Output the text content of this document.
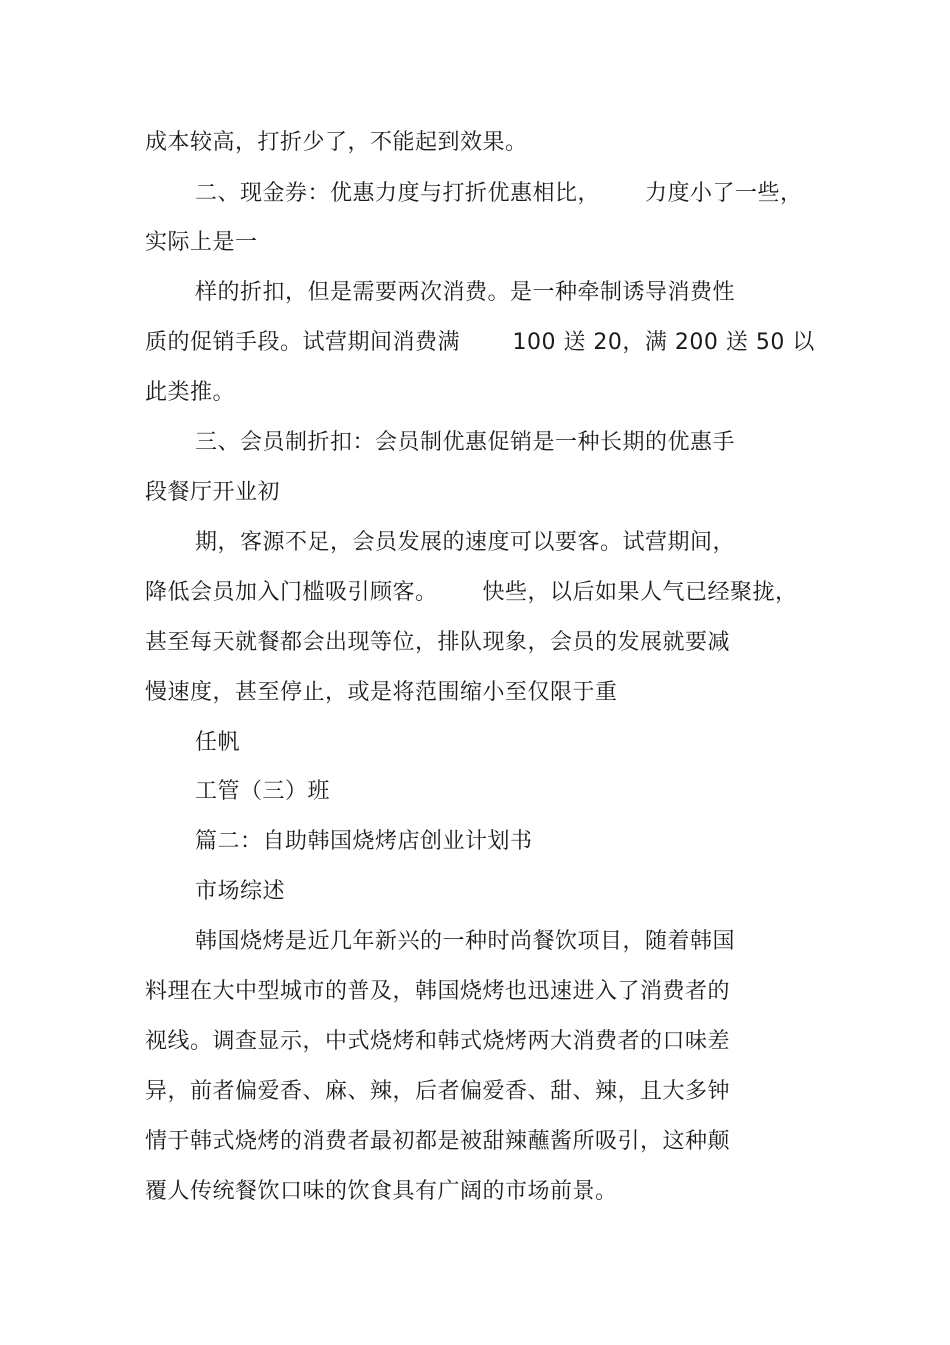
成本较高，打折少了，不能起到效果。
二、现金券：优惠力度与打折优惠相比，      力度小了一些，
实际上是一
样的折扣，但是需要两次消费。是一种牵制诱导消费性
质的促销手段。试营期间消费满       100 送 20，满 200 送 50 以
此类推。
三、会员制折扣：会员制优惠促销是一种长期的优惠手
段餐厅开业初
期，客源不足，会员发展的速度可以要客。试营期间，
降低会员加入门槛吸引顾客。      快些，以后如果人气已经聚拢，
甚至每天就餐都会出现等位，排队现象，会员的发展就要减
慢速度，甚至停止，或是将范围缩小至仅限于重
任帆
工管（三）班
篇二：自助韩国烧烤店创业计划书
市场综述
韩国烧烤是近几年新兴的一种时尚餐饮项目，随着韩国
料理在大中型城市的普及，韩国烧烤也迅速进入了消费者的
视线。调查显示，中式烧烤和韩式烧烤两大消费者的口味差
异，前者偏爱香、麻、辣，后者偏爱香、甜、辣，且大多钟
情于韩式烧烤的消费者最初都是被甜辣蘸酱所吸引，这种颠
覆人传统餐饮口味的饮食具有广阔的市场前景。
